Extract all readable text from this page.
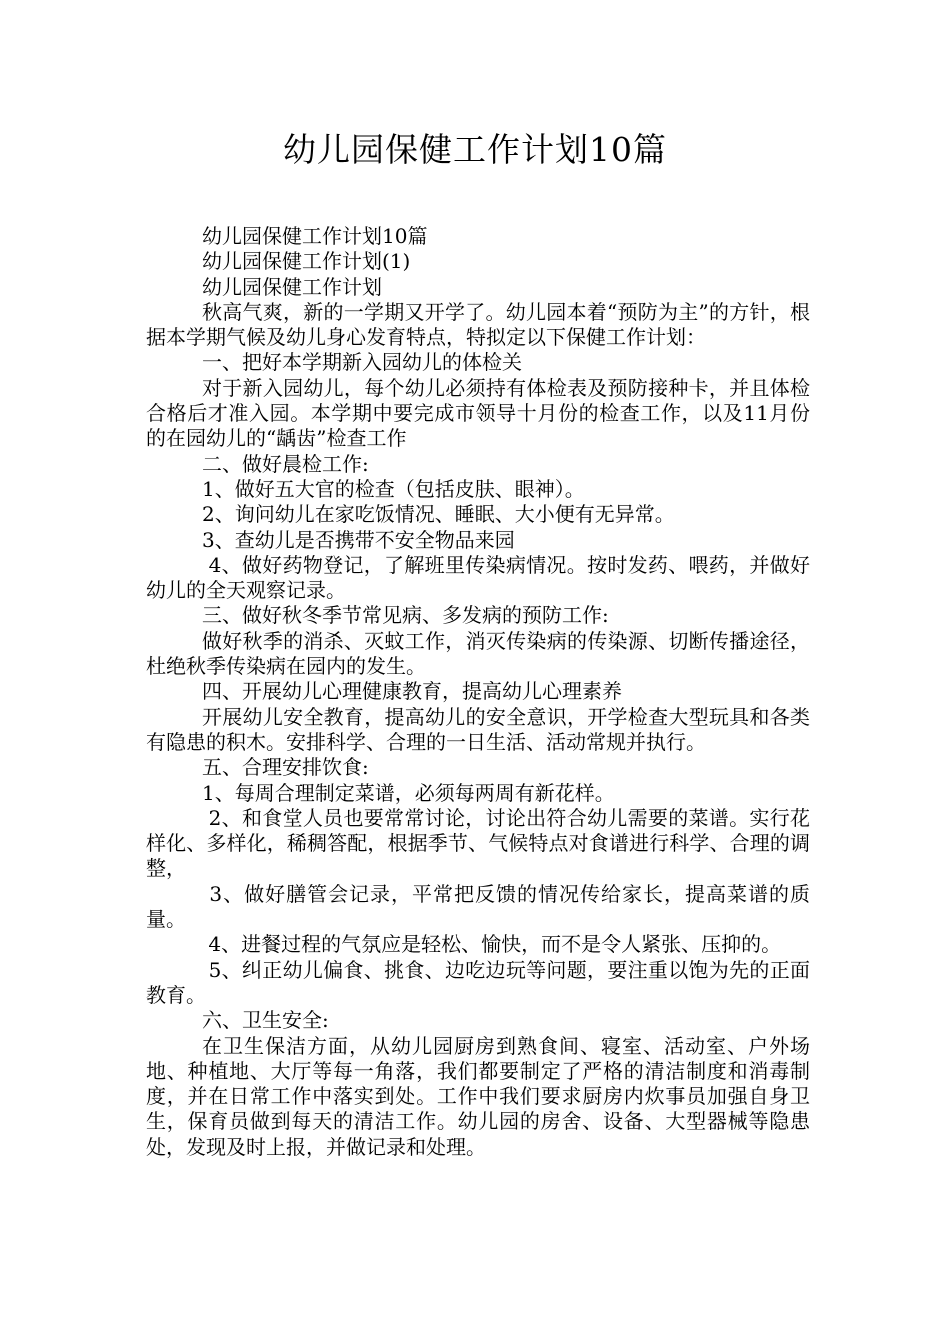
幼儿园保健工作计划10篇

幼儿园保健工作计划10篇

幼儿园保健工作计划(1)

幼儿园保健工作计划

秋高气爽，新的一学期又开学了。幼儿园本着“预防为主”的方针，根据本学期气候及幼儿身心发育特点，特拟定以下保健工作计划：

一、把好本学期新入园幼儿的体检关

对于新入园幼儿，每个幼儿必须持有体检表及预防接种卡，并且体检合格后才准入园。本学期中要完成市领导十月份的检查工作，以及11月份的在园幼儿的“龋齿”检查工作

二、做好晨检工作:

1、做好五大官的检查（包括皮肤、眼神）。

2、询问幼儿在家吃饭情况、睡眠、大小便有无异常。

3、查幼儿是否携带不安全物品来园

4、做好药物登记，了解班里传染病情况。按时发药、喂药，并做好幼儿的全天观察记录。

三、做好秋冬季节常见病、多发病的预防工作:

做好秋季的消杀、灭蚊工作，消灭传染病的传染源、切断传播途径，杜绝秋季传染病在园内的发生。

四、开展幼儿心理健康教育，提高幼儿心理素养

开展幼儿安全教育，提高幼儿的安全意识，开学检查大型玩具和各类有隐患的积木。安排科学、合理的一日生活、活动常规并执行。

五、合理安排饮食:

1、每周合理制定菜谱，必须每两周有新花样。

2、和食堂人员也要常常讨论，讨论出符合幼儿需要的菜谱。实行花样化、多样化，稀稠答配，根据季节、气候特点对食谱进行科学、合理的调整，

3、做好膳管会记录，平常把反馈的情况传给家长，提高菜谱的质量。

4、进餐过程的气氛应是轻松、愉快，而不是令人紧张、压抑的。

5、纠正幼儿偏食、挑食、边吃边玩等问题，要注重以饱为先的正面教育。

六、卫生安全:

在卫生保洁方面，从幼儿园厨房到熟食间、寝室、活动室、户外场地、种植地、大厅等每一角落，我们都要制定了严格的清洁制度和消毒制度，并在日常工作中落实到处。工作中我们要求厨房内炊事员加强自身卫生，保育员做到每天的清洁工作。幼儿园的房舍、设备、大型器械等隐患处，发现及时上报，并做记录和处理。
